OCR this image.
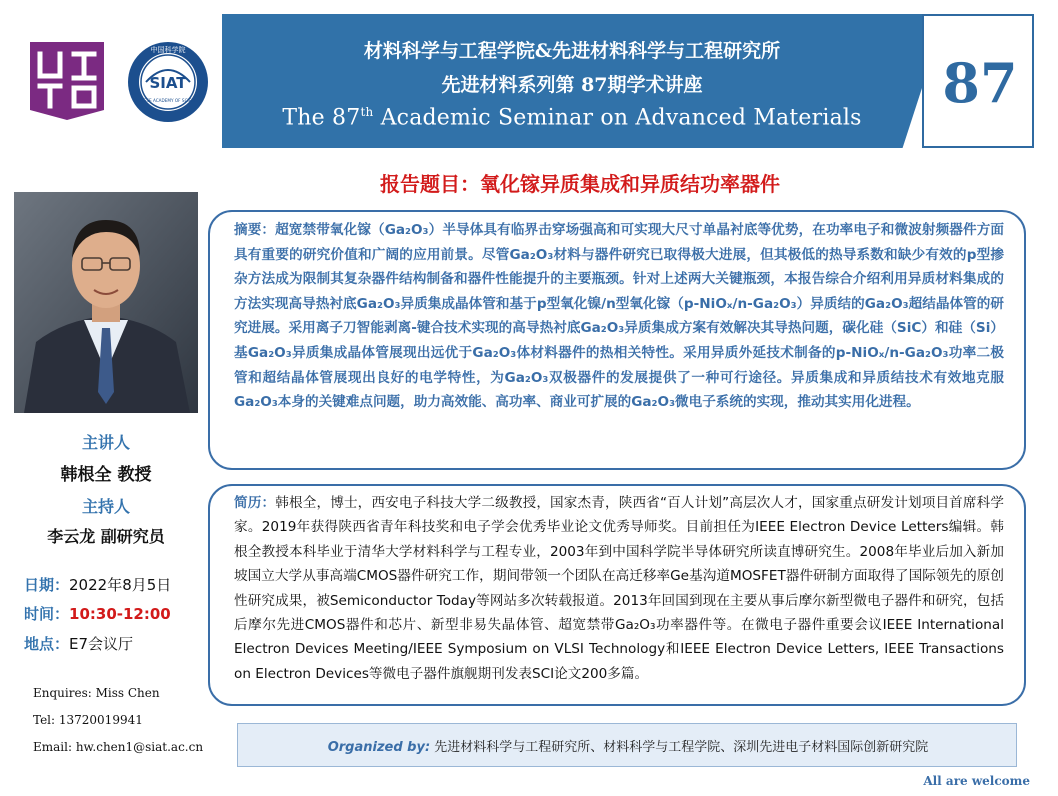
SIAT
CHINESE ACADEMY OF SCIENCES
中国科学院	材料科学与工程学院&先进材料科学与工程研究所
先进材料系列第 87期学术讲座
The 87th Academic Seminar on Advanced Materials
87
报告题目：氧化镓异质集成和异质结功率器件
主讲人
韩根全 教授
主持人
李云龙 副研究员
日期：2022年8月5日
时间：10:30-12:00
地点：E7会议厅
Enquires: Miss Chen
Tel: 13720019941
Email: hw.chen1@siat.ac.cn
摘要：超宽禁带氧化镓（Ga₂O₃）半导体具有临界击穿场强高和可实现大尺寸单晶衬底等优势，在功率电子和微波射频器件方面具有重要的研究价值和广阔的应用前景。尽管Ga₂O₃材料与器件研究已取得极大进展，但其极低的热导系数和缺少有效的p型掺杂方法成为限制其复杂器件结构制备和器件性能提升的主要瓶颈。针对上述两大关键瓶颈，本报告综合介绍利用异质材料集成的方法实现高导热衬底Ga₂O₃异质集成晶体管和基于p型氧化镍/n型氧化镓（p-NiOₓ/n-Ga₂O₃）异质结的Ga₂O₃超结晶体管的研究进展。采用离子刀智能剥离-键合技术实现的高导热衬底Ga₂O₃异质集成方案有效解决其导热问题，碳化硅（SiC）和硅（Si）基Ga₂O₃异质集成晶体管展现出远优于Ga₂O₃体材料器件的热相关特性。采用异质外延技术制备的p-NiOₓ/n-Ga₂O₃功率二极管和超结晶体管展现出良好的电学特性，为Ga₂O₃双极器件的发展提供了一种可行途径。异质集成和异质结技术有效地克服Ga₂O₃本身的关键难点问题，助力高效能、高功率、商业可扩展的Ga₂O₃微电子系统的实现，推动其实用化进程。
简历：韩根全，博士，西安电子科技大学二级教授，国家杰青，陕西省“百人计划”高层次人才，国家重点研发计划项目首席科学家。2019年获得陕西省青年科技奖和电子学会优秀毕业论文优秀导师奖。目前担任为IEEE Electron Device Letters编辑。韩根全教授本科毕业于清华大学材料科学与工程专业，2003年到中国科学院半导体研究所读直博研究生。2008年毕业后加入新加坡国立大学从事高端CMOS器件研究工作，期间带领一个团队在高迁移率Ge基沟道MOSFET器件研制方面取得了国际领先的原创性研究成果，被Semiconductor Today等网站多次转载报道。2013年回国到现在主要从事后摩尔新型微电子器件和研究，包括后摩尔先进CMOS器件和芯片、新型非易失晶体管、超宽禁带Ga₂O₃功率器件等。在微电子器件重要会议IEEE International Electron Devices Meeting/IEEE Symposium on VLSI Technology和IEEE Electron Device Letters, IEEE Transactions on Electron Devices等微电子器件旗舰期刊发表SCI论文200多篇。
Organized by: 先进材料科学与工程研究所、材料科学与工程学院、深圳先进电子材料国际创新研究院
All are welcome
